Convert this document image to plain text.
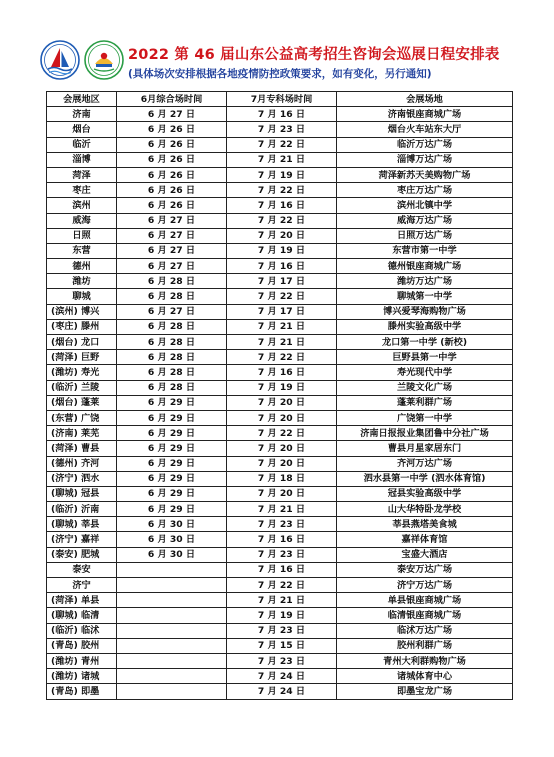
2022 第 46 届山东公益高考招生咨询会巡展日程安排表
(具体场次安排根据各地疫情防控政策要求，如有变化，另行通知)
会展地区	6月综合场时间	7月专科场时间	会展场地
济南	6 月 27 日	7 月 16 日	济南银座商城广场
烟台	6 月 26 日	7 月 23 日	烟台火车站东大厅
临沂	6 月 26 日	7 月 22 日	临沂万达广场
淄博	6 月 26 日	7 月 21 日	淄博万达广场
菏泽	6 月 26 日	7 月 19 日	菏泽新苏天美购物广场
枣庄	6 月 26 日	7 月 22 日	枣庄万达广场
滨州	6 月 26 日	7 月 16 日	滨州北镇中学
威海	6 月 27 日	7 月 22 日	威海万达广场
日照	6 月 27 日	7 月 20 日	日照万达广场
东营	6 月 27 日	7 月 19 日	东营市第一中学
德州	6 月 27 日	7 月 16 日	德州银座商城广场
潍坊	6 月 28 日	7 月 17 日	潍坊万达广场
聊城	6 月 28 日	7 月 22 日	聊城第一中学
(滨州) 博兴	6 月 27 日	7 月 17 日	博兴爱琴海购物广场
(枣庄) 滕州	6 月 28 日	7 月 21 日	滕州实验高级中学
(烟台) 龙口	6 月 28 日	7 月 21 日	龙口第一中学 (新校)
(菏泽) 巨野	6 月 28 日	7 月 22 日	巨野县第一中学
(潍坊) 寿光	6 月 28 日	7 月 16 日	寿光现代中学
(临沂) 兰陵	6 月 28 日	7 月 19 日	兰陵文化广场
(烟台) 蓬莱	6 月 29 日	7 月 20 日	蓬莱利群广场
(东营) 广饶	6 月 29 日	7 月 20 日	广饶第一中学
(济南) 莱芜	6 月 29 日	7 月 22 日	济南日报报业集团鲁中分社广场
(菏泽) 曹县	6 月 29 日	7 月 20 日	曹县月星家居东门
(德州) 齐河	6 月 29 日	7 月 20 日	齐河万达广场
(济宁) 泗水	6 月 29 日	7 月 18 日	泗水县第一中学 (泗水体育馆)
(聊城) 冠县	6 月 29 日	7 月 20 日	冠县实验高级中学
(临沂) 沂南	6 月 29 日	7 月 21 日	山大华特卧龙学校
(聊城) 莘县	6 月 30 日	7 月 23 日	莘县燕塔美食城
(济宁) 嘉祥	6 月 30 日	7 月 16 日	嘉祥体育馆
(泰安) 肥城	6 月 30 日	7 月 23 日	宝盛大酒店
泰安		7 月 16 日	泰安万达广场
济宁		7 月 22 日	济宁万达广场
(菏泽) 单县		7 月 21 日	单县银座商城广场
(聊城) 临清		7 月 19 日	临清银座商城广场
(临沂) 临沭		7 月 23 日	临沭万达广场
(青岛) 胶州		7 月 15 日	胶州利群广场
(潍坊) 青州		7 月 23 日	青州大利群购物广场
(潍坊) 诸城		7 月 24 日	诸城体育中心
(青岛) 即墨		7 月 24 日	即墨宝龙广场
